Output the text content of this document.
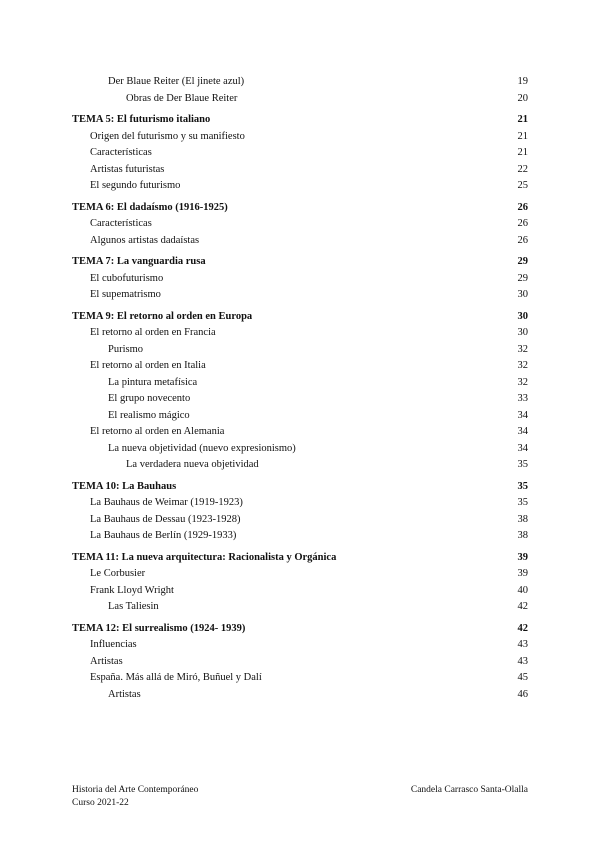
Der Blaue Reiter (El jinete azul)	19
Obras de Der Blaue Reiter	20
TEMA 5: El futurismo italiano	21
Origen del futurismo y su manifiesto	21
Características	21
Artistas futuristas	22
El segundo futurismo	25
TEMA 6: El dadaísmo (1916-1925)	26
Características	26
Algunos artistas dadaístas	26
TEMA 7: La vanguardia rusa	29
El cubofuturismo	29
El supematrismo	30
TEMA 9: El retorno al orden en Europa	30
El retorno al orden en Francia	30
Purismo	32
El retorno al orden en Italia	32
La pintura metafísica	32
El grupo novecento	33
El realismo mágico	34
El retorno al orden en Alemania	34
La nueva objetividad (nuevo expresionismo)	34
La verdadera nueva objetividad	35
TEMA 10: La Bauhaus	35
La Bauhaus de Weimar (1919-1923)	35
La Bauhaus de Dessau (1923-1928)	38
La Bauhaus de Berlín (1929-1933)	38
TEMA 11: La nueva arquitectura: Racionalista y Orgánica	39
Le Corbusier	39
Frank Lloyd Wright	40
Las Taliesin	42
TEMA 12: El surrealismo (1924- 1939)	42
Influencias	43
Artistas	43
España. Más allá de Miró, Buñuel y Dalí	45
Artistas	46
Historia del Arte Contemporáneo
Curso 2021-22
Candela Carrasco Santa-Olalla
